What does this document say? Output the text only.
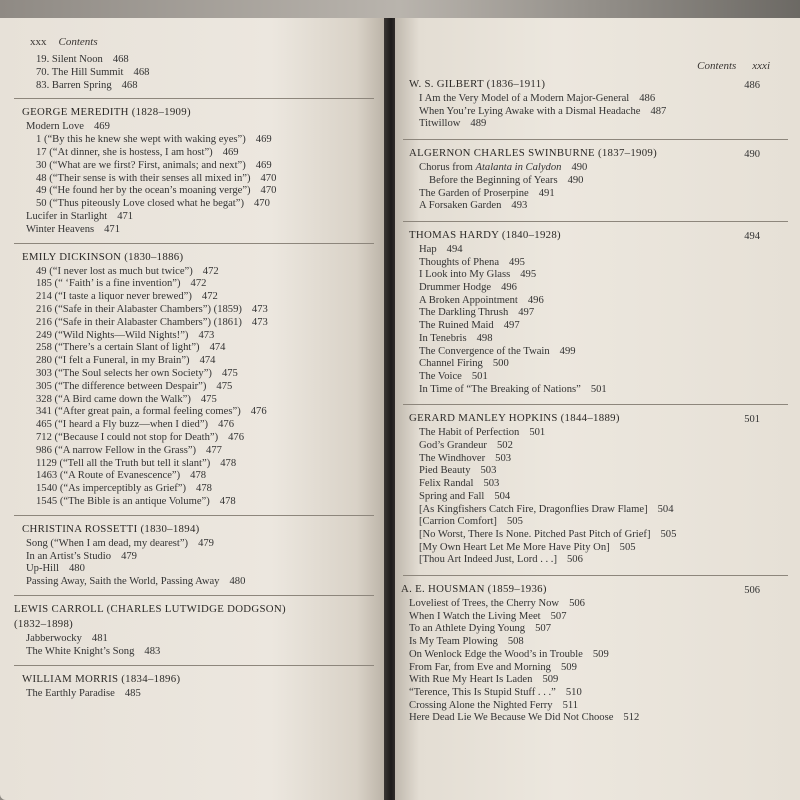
xxx Contents
19. Silent Noon 468
70. The Hill Summit 468
83. Barren Spring 468
GEORGE MEREDITH (1828–1909)
Modern Love 469
1 (“By this he knew she wept with waking eyes”) 469
17 (“At dinner, she is hostess, I am host”) 469
30 (“What are we first? First, animals; and next”) 469
48 (“Their sense is with their senses all mixed in”) 470
49 (“He found her by the ocean’s moaning verge”) 470
50 (“Thus piteously Love closed what he begat”) 470
Lucifer in Starlight 471
Winter Heavens 471
EMILY DICKINSON (1830–1886)
49 (“I never lost as much but twice”) 472
185 (“ ‘Faith’ is a fine invention”) 472
214 (“I taste a liquor never brewed”) 472
216 (“Safe in their Alabaster Chambers”) (1859) 473
216 (“Safe in their Alabaster Chambers”) (1861) 473
249 (“Wild Nights—Wild Nights!”) 473
258 (“There’s a certain Slant of light”) 474
280 (“I felt a Funeral, in my Brain”) 474
303 (“The Soul selects her own Society”) 475
305 (“The difference between Despair”) 475
328 (“A Bird came down the Walk”) 475
341 (“After great pain, a formal feeling comes”) 476
465 (“I heard a Fly buzz—when I died”) 476
712 (“Because I could not stop for Death”) 476
986 (“A narrow Fellow in the Grass”) 477
1129 (“Tell all the Truth but tell it slant”) 478
1463 (“A Route of Evanescence”) 478
1540 (“As imperceptibly as Grief”) 478
1545 (“The Bible is an antique Volume”) 478
CHRISTINA ROSSETTI (1830–1894)
Song (“When I am dead, my dearest”) 479
In an Artist’s Studio 479
Up-Hill 480
Passing Away, Saith the World, Passing Away 480
LEWIS CARROLL (CHARLES LUTWIDGE DODGSON)
(1832–1898)
Jabberwocky 481
The White Knight’s Song 483
WILLIAM MORRIS (1834–1896)
The Earthly Paradise 485
Contents xxxi
W. S. GILBERT (1836–1911)	486
I Am the Very Model of a Modern Major-General 486
When You’re Lying Awake with a Dismal Headache 487
Titwillow 489
ALGERNON CHARLES SWINBURNE (1837–1909)	490
Chorus from Atalanta in Calydon 490
Before the Beginning of Years 490
The Garden of Proserpine 491
A Forsaken Garden 493
THOMAS HARDY (1840–1928)	494
Hap 494
Thoughts of Phena 495
I Look into My Glass 495
Drummer Hodge 496
A Broken Appointment 496
The Darkling Thrush 497
The Ruined Maid 497
In Tenebris 498
The Convergence of the Twain 499
Channel Firing 500
The Voice 501
In Time of “The Breaking of Nations” 501
GERARD MANLEY HOPKINS (1844–1889)	501
The Habit of Perfection 501
God’s Grandeur 502
The Windhover 503
Pied Beauty 503
Felix Randal 503
Spring and Fall 504
[As Kingfishers Catch Fire, Dragonflies Draw Flame] 504
[Carrion Comfort] 505
[No Worst, There Is None. Pitched Past Pitch of Grief] 505
[My Own Heart Let Me More Have Pity On] 505
[Thou Art Indeed Just, Lord . . .] 506
A. E. HOUSMAN (1859–1936)	506
Loveliest of Trees, the Cherry Now 506
When I Watch the Living Meet 507
To an Athlete Dying Young 507
Is My Team Plowing 508
On Wenlock Edge the Wood’s in Trouble 509
From Far, from Eve and Morning 509
With Rue My Heart Is Laden 509
“Terence, This Is Stupid Stuff . . .” 510
Crossing Alone the Nighted Ferry 511
Here Dead Lie We Because We Did Not Choose 512
